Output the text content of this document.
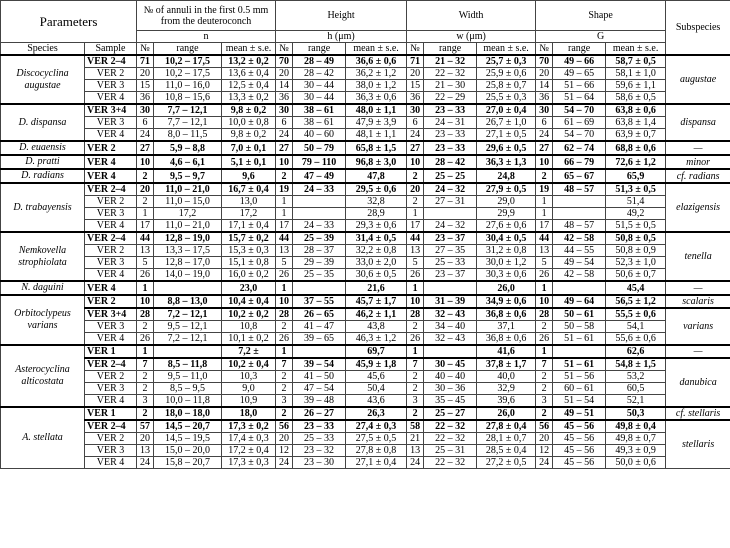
Parameters		№ of annuli in the first 0.5 mm from the deuteroconch			Height			Width			Shape			Subspecies
		n			h (μm)			w (μm)			G			
Species	Sample	№	range	mean ± s.e.	№	range	mean ± s.e.	№	range	mean ± s.e.	№	range	mean ± s.e.	
Discocyclina augustae	VER 2–4	71	10,2 – 17,5	13,2 ± 0,2	70	28 – 49	36,6 ± 0,6	71	21 – 32	25,7 ± 0,3	70	49 – 66	58,7 ± 0,5	augustae
	VER 2	20	10,2 – 17,5	13,6 ± 0,4	20	28 – 42	36,2 ± 1,2	20	22 – 32	25,9 ± 0,6	20	49 – 65	58,1 ± 1,0	
	VER 3	15	11,0 – 16,0	12,5 ± 0,4	14	30 – 44	38,0 ± 1,2	15	21 – 30	25,8 ± 0,7	14	51 – 66	59,6 ± 1,1	
	VER 4	36	10,8 – 15,6	13,3 ± 0,2	36	30 – 44	36,3 ± 0,6	36	22 – 29	25,5 ± 0,3	36	51 – 64	58,6 ± 0,5	
D. dispansa	VER 3+4	30	7,7 – 12,1	9,8 ± 0,2	30	38 – 61	48,0 ± 1,1	30	23 – 33	27,0 ± 0,4	30	54 – 70	63,8 ± 0,6	dispansa
	VER 3	6	7,7 – 12,1	10,0 ± 0,8	6	38 – 61	47,9 ± 3,9	6	24 – 31	26,7 ± 1,0	6	61 – 69	63,8 ± 1,4	
	VER 4	24	8,0 – 11,5	9,8 ± 0,2	24	40 – 60	48,1 ± 1,1	24	23 – 33	27,1 ± 0,5	24	54 – 70	63,9 ± 0,7	
D. euaensis	VER 2	27	5,9 – 8,8	7,0 ± 0,1	27	50 – 79	65,8 ± 1,5	27	23 – 33	29,6 ± 0,5	27	62 – 74	68,8 ± 0,6	—
D. pratti	VER 4	10	4,6 – 6,1	5,1 ± 0,1	10	79 – 110	96,8 ± 3,0	10	28 – 42	36,3 ± 1,3	10	66 – 79	72,6 ± 1,2	minor
D. radians	VER 4	2	9,5 – 9,7	9,6	2	47 – 49	47,8	2	25 – 25	24,8	2	65 – 67	65,9	cf. radians
D. trabayensis	VER 2–4	20	11,0 – 21,0	16,7 ± 0,4	19	24 – 33	29,5 ± 0,6	20	24 – 32	27,9 ± 0,5	19	48 – 57	51,3 ± 0,5	elazigensis
	VER 2	2	11,0 – 15,0	13,0	1		32,8	2	27 – 31	29,0	1		51,4	
	VER 3	1	17,2	17,2	1		28,9	1		29,9	1		49,2	
	VER 4	17	11,0 – 21,0	17,1 ± 0,4	17	24 – 33	29,3 ± 0,6	17	24 – 32	27,6 ± 0,6	17	48 – 57	51,5 ± 0,5	
Nemkovella strophiolata	VER 2–4	44	12,8 – 19,0	15,7 ± 0,2	44	25 – 39	31,4 ± 0,5	44	23 – 37	30,4 ± 0,5	44	42 – 58	50,8 ± 0,5	tenella
	VER 2	13	13,3 – 17,5	15,3 ± 0,3	13	28 – 37	32,2 ± 0,8	13	27 – 35	31,2 ± 0,8	13	44 – 55	50,8 ± 0,9	
	VER 3	5	12,8 – 17,0	15,1 ± 0,8	5	29 – 39	33,0 ± 2,0	5	25 – 33	30,0 ± 1,2	5	49 – 54	52,3 ± 1,0	
	VER 4	26	14,0 – 19,0	16,0 ± 0,2	26	25 – 35	30,6 ± 0,5	26	23 – 37	30,3 ± 0,6	26	42 – 58	50,6 ± 0,7	
N. daguini	VER 4	1		23,0	1		21,6	1		26,0	1		45,4	—
Orbitoclypeus varians	VER 2	10	8,8 – 13,0	10,4 ± 0,4	10	37 – 55	45,7 ± 1,7	10	31 – 39	34,9 ± 0,6	10	49 – 64	56,5 ± 1,2	scalaris
	VER 3+4	28	7,2 – 12,1	10,2 ± 0,2	28	26 – 65	46,2 ± 1,1	28	32 – 43	36,8 ± 0,6	28	50 – 61	55,5 ± 0,6	varians
	VER 3	2	9,5 – 12,1	10,8	2	41 – 47	43,8	2	34 – 40	37,1	2	50 – 58	54,1	
	VER 4	26	7,2 – 12,1	10,1 ± 0,2	26	39 – 65	46,3 ± 1,2	26	32 – 43	36,8 ± 0,6	26	51 – 61	55,6 ± 0,6	
Asterocyclina alticostata	VER 1	1		7,2 ±	1		69,7	1		41,6	1		62,6	—
	VER 2–4	7	8,5 – 11,8	10,2 ± 0,4	7	39 – 54	45,9 ± 1,8	7	30 – 45	37,8 ± 1,7	7	51 – 61	54,8 ± 1,5	danubica
	VER 2	2	9,5 – 11,0	10,3	2	41 – 50	45,6	2	40 – 40	40,0	2	51 – 56	53,2	
	VER 3	2	8,5 – 9,5	9,0	2	47 – 54	50,4	2	30 – 36	32,9	2	60 – 61	60,5	
	VER 4	3	10,0 – 11,8	10,9	3	39 – 48	43,6	3	35 – 45	39,6	3	51 – 54	52,1	
A. stellata	VER 1	2	18,0 – 18,0	18,0	2	26 – 27	26,3	2	25 – 27	26,0	2	49 – 51	50,3	cf. stellaris
	VER 2–4	57	14,5 – 20,7	17,3 ± 0,2	56	23 – 33	27,4 ± 0,3	58	22 – 32	27,8 ± 0,4	56	45 – 56	49,8 ± 0,4	stellaris
	VER 2	20	14,5 – 19,5	17,4 ± 0,3	20	25 – 33	27,5 ± 0,5	21	22 – 32	28,1 ± 0,7	20	45 – 56	49,8 ± 0,7	
	VER 3	13	15,0 – 20,0	17,2 ± 0,4	12	23 – 32	27,8 ± 0,8	13	25 – 31	28,5 ± 0,4	12	45 – 56	49,3 ± 0,9	
	VER 4	24	15,8 – 20,7	17,3 ± 0,3	24	23 – 30	27,1 ± 0,4	24	22 – 32	27,2 ± 0,5	24	45 – 56	50,0 ± 0,6	
